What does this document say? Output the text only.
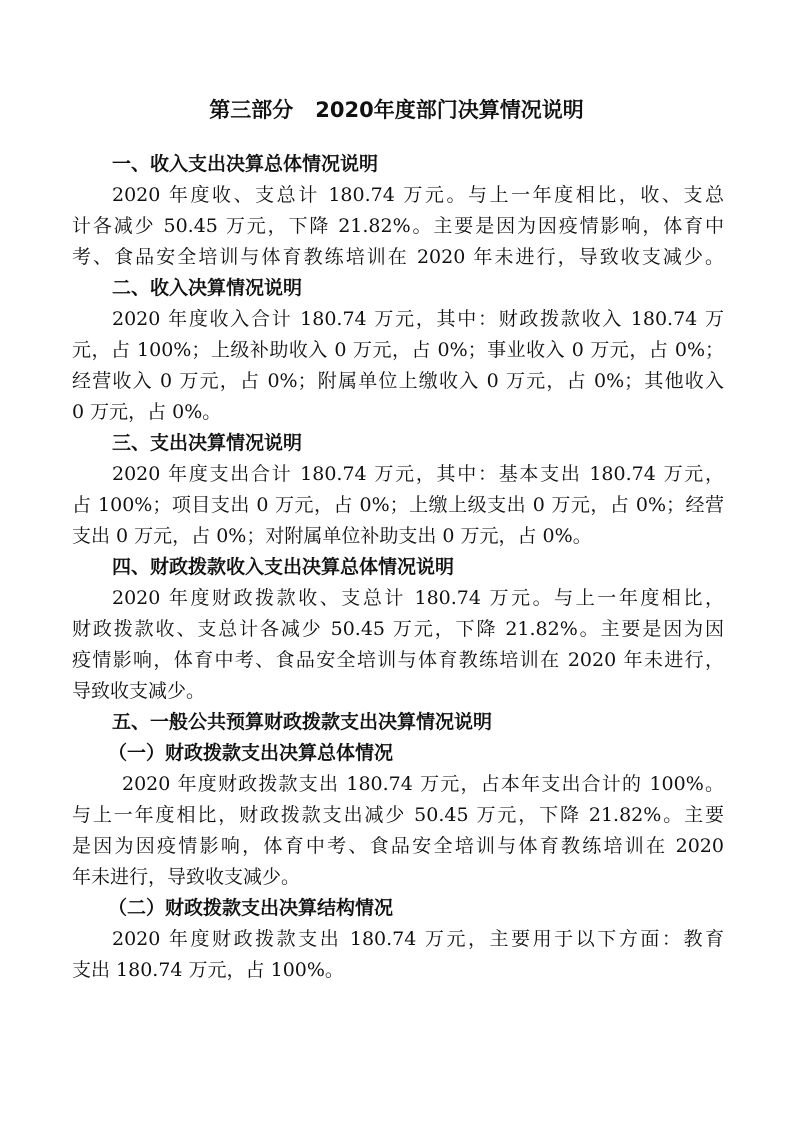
第三部分 2020年度部门决算情况说明
一、收入支出决算总体情况说明
2020 年度收、支总计 180.74 万元。与上一年度相比，收、支总
计各减少 50.45 万元，下降 21.82%。主要是因为因疫情影响，体育中
考、食品安全培训与体育教练培训在 2020 年未进行，导致收支减少。
二、收入决算情况说明
2020 年度收入合计 180.74 万元，其中：财政拨款收入 180.74 万
元，占 100%；上级补助收入 0 万元，占 0%；事业收入 0 万元，占 0%；
经营收入 0 万元，占 0%；附属单位上缴收入 0 万元，占 0%；其他收入
0 万元，占 0%。
三、支出决算情况说明
2020 年度支出合计 180.74 万元，其中：基本支出 180.74 万元，
占 100%；项目支出 0 万元，占 0%；上缴上级支出 0 万元，占 0%；经营
支出 0 万元，占 0%；对附属单位补助支出 0 万元，占 0%。
四、财政拨款收入支出决算总体情况说明
2020 年度财政拨款收、支总计 180.74 万元。与上一年度相比，
财政拨款收、支总计各减少 50.45 万元，下降 21.82%。主要是因为因
疫情影响，体育中考、食品安全培训与体育教练培训在 2020 年未进行，
导致收支减少。
五、一般公共预算财政拨款支出决算情况说明
（一）财政拨款支出决算总体情况
2020 年度财政拨款支出 180.74 万元，占本年支出合计的 100%。
与上一年度相比，财政拨款支出减少 50.45 万元，下降 21.82%。主要
是因为因疫情影响，体育中考、食品安全培训与体育教练培训在 2020
年未进行，导致收支减少。
（二）财政拨款支出决算结构情况
2020 年度财政拨款支出 180.74 万元，主要用于以下方面：教育
支出 180.74 万元，占 100%。
